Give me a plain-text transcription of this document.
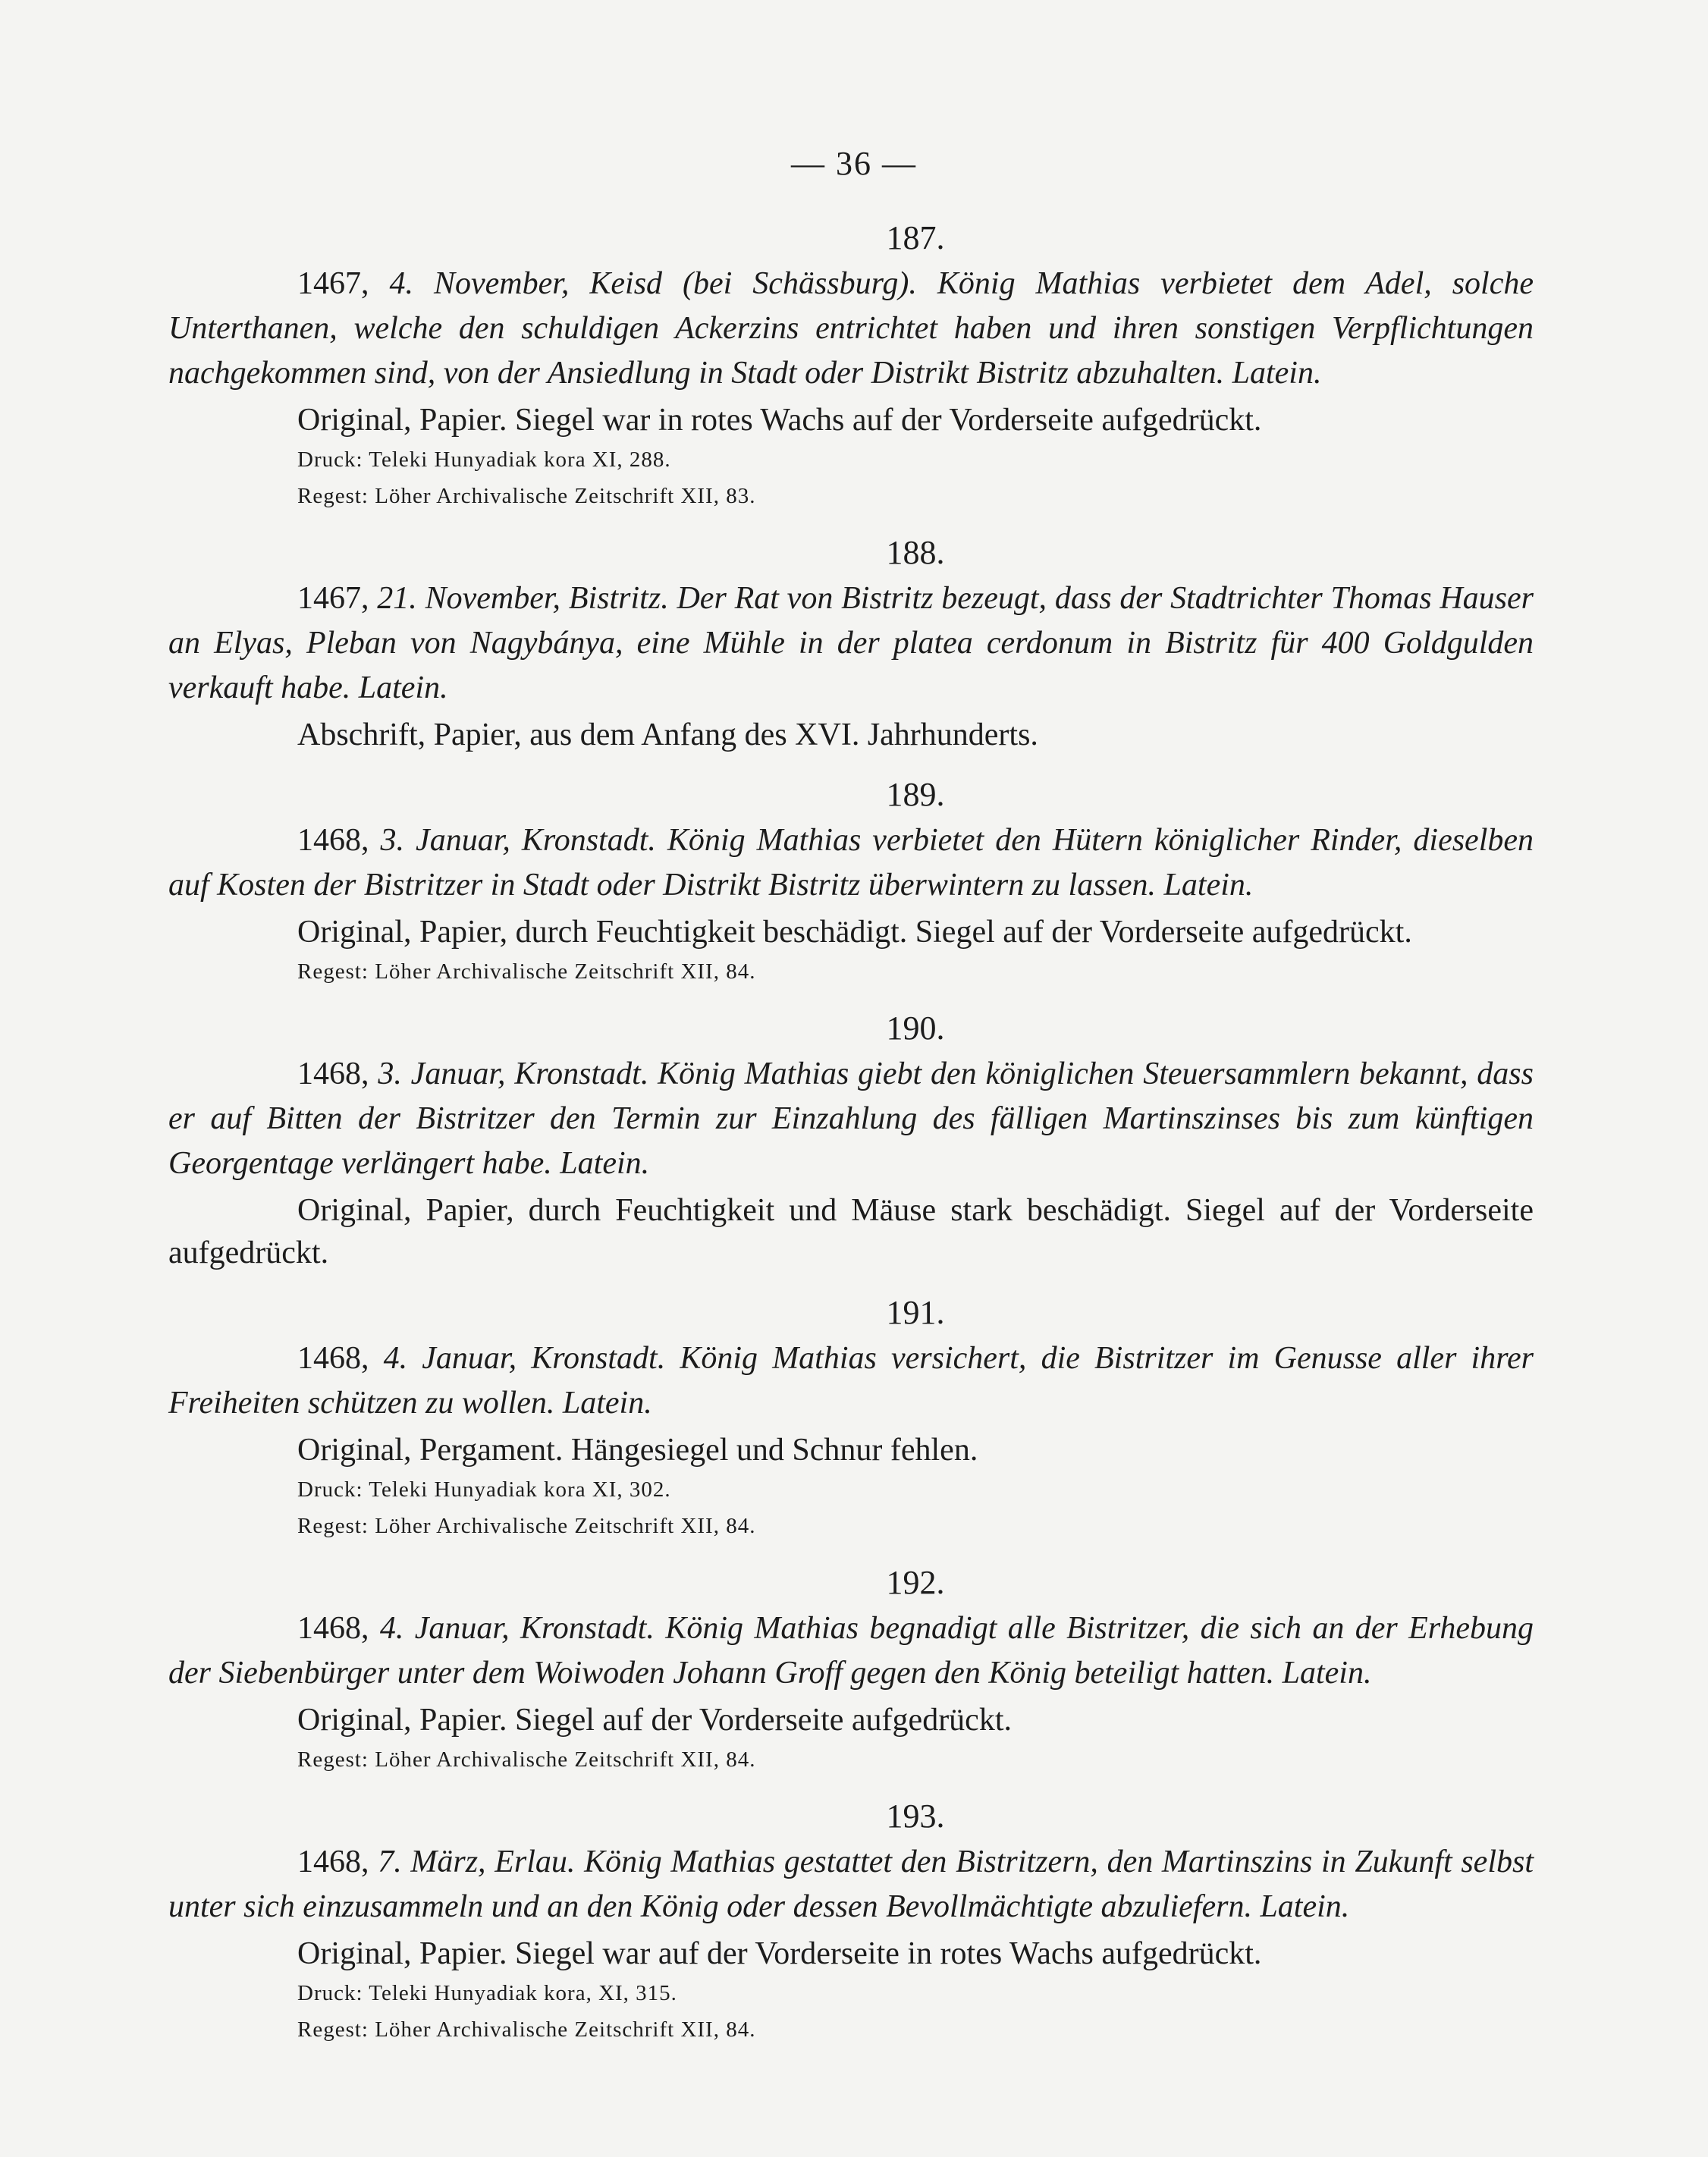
— 36 —
187.

1467, 4. November, Keisd (bei Schässburg). König Mathias verbietet dem Adel, solche Unterthanen, welche den schuldigen Ackerzins entrichtet haben und ihren sonstigen Verpflichtungen nachgekommen sind, von der Ansiedlung in Stadt oder Distrikt Bistritz abzuhalten. Latein.

Original, Papier. Siegel war in rotes Wachs auf der Vorderseite aufgedrückt.

Druck: Teleki Hunyadiak kora XI, 288.

Regest: Löher Archivalische Zeitschrift XII, 83.

188.

1467, 21. November, Bistritz. Der Rat von Bistritz bezeugt, dass der Stadtrichter Thomas Hauser an Elyas, Pleban von Nagybánya, eine Mühle in der platea cerdonum in Bistritz für 400 Goldgulden verkauft habe. Latein.

Abschrift, Papier, aus dem Anfang des XVI. Jahrhunderts.

189.

1468, 3. Januar, Kronstadt. König Mathias verbietet den Hütern königlicher Rinder, dieselben auf Kosten der Bistritzer in Stadt oder Distrikt Bistritz überwintern zu lassen. Latein.

Original, Papier, durch Feuchtigkeit beschädigt. Siegel auf der Vorderseite aufgedrückt.

Regest: Löher Archivalische Zeitschrift XII, 84.

190.

1468, 3. Januar, Kronstadt. König Mathias giebt den königlichen Steuersammlern bekannt, dass er auf Bitten der Bistritzer den Termin zur Einzahlung des fälligen Martinszinses bis zum künftigen Georgentage verlängert habe. Latein.

Original, Papier, durch Feuchtigkeit und Mäuse stark beschädigt. Siegel auf der Vorderseite aufgedrückt.

191.

1468, 4. Januar, Kronstadt. König Mathias versichert, die Bistritzer im Genusse aller ihrer Freiheiten schützen zu wollen. Latein.

Original, Pergament. Hängesiegel und Schnur fehlen.

Druck: Teleki Hunyadiak kora XI, 302.

Regest: Löher Archivalische Zeitschrift XII, 84.

192.

1468, 4. Januar, Kronstadt. König Mathias begnadigt alle Bistritzer, die sich an der Erhebung der Siebenbürger unter dem Woiwoden Johann Groff gegen den König beteiligt hatten. Latein.

Original, Papier. Siegel auf der Vorderseite aufgedrückt.

Regest: Löher Archivalische Zeitschrift XII, 84.

193.

1468, 7. März, Erlau. König Mathias gestattet den Bistritzern, den Martinszins in Zukunft selbst unter sich einzusammeln und an den König oder dessen Bevollmächtigte abzuliefern. Latein.

Original, Papier. Siegel war auf der Vorderseite in rotes Wachs aufgedrückt.

Druck: Teleki Hunyadiak kora, XI, 315.

Regest: Löher Archivalische Zeitschrift XII, 84.
